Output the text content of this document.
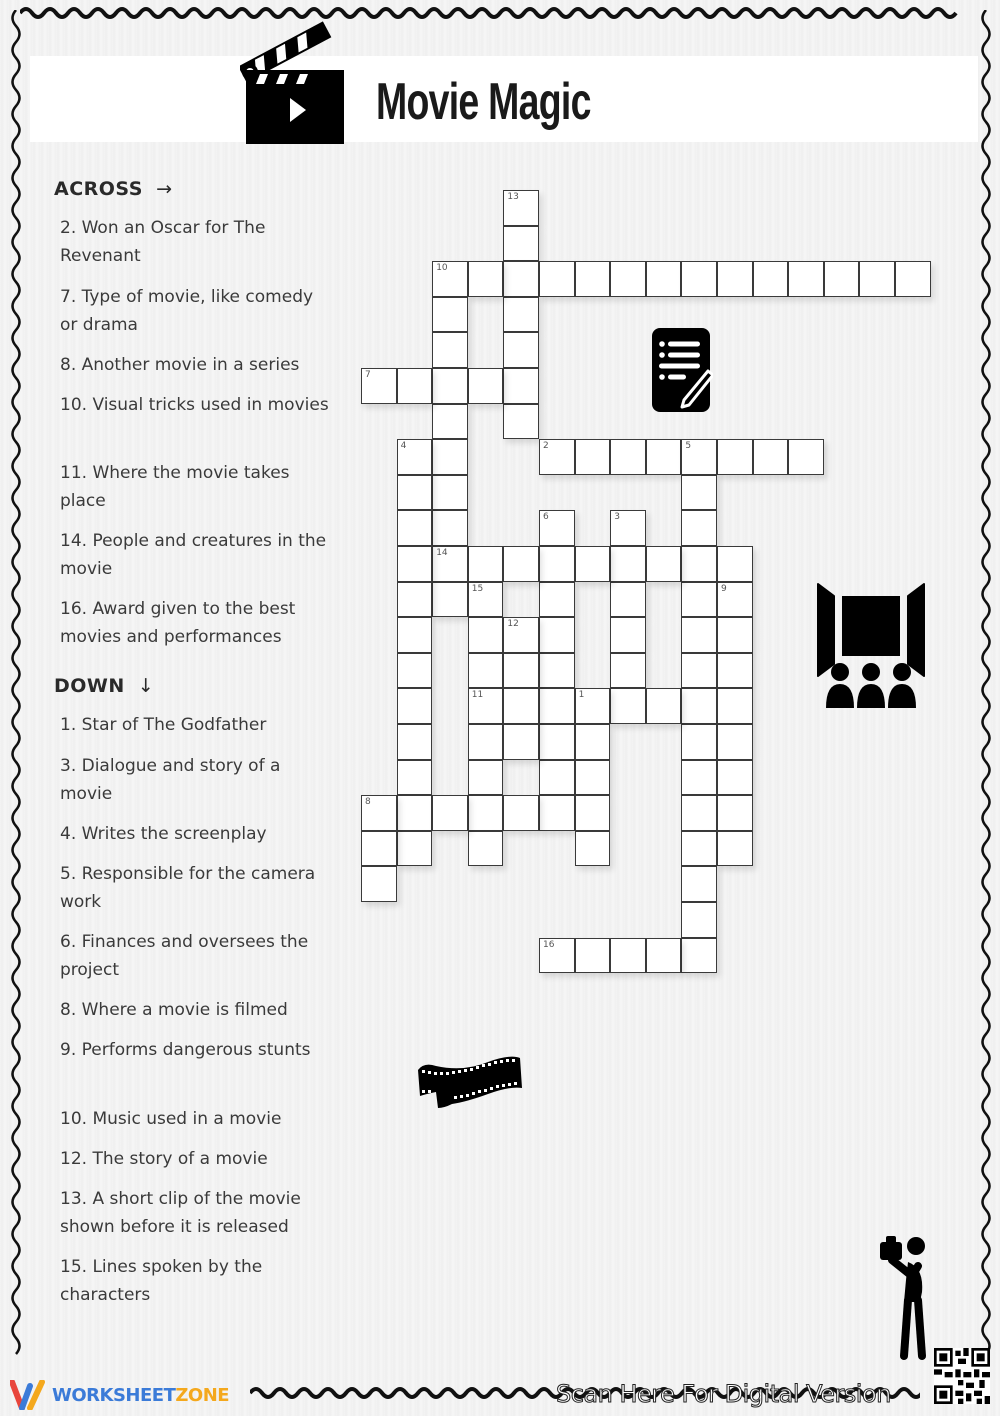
Movie Magic
ACROSS →
2. Won an Oscar for The Revenant
7. Type of movie, like comedy or drama
8. Another movie in a series
10. Visual tricks used in movies
11. Where the movie takes place
14. People and creatures in the movie
16. Award given to the best movies and performances
DOWN ↓
1. Star of The Godfather
3. Dialogue and story of a movie
4. Writes the screenplay
5. Responsible for the camera work
6. Finances and oversees the project
8. Where a movie is filmed
9. Performs dangerous stunts
10. Music used in a movie
12. The story of a movie
13. A short clip of the movie shown before it is released
15. Lines spoken by the characters
13
10
14
7
4	2	5
6	3
15
11
9
12
1
8
16
WORKSHEET ZONE	Scan Here For Digital Version
